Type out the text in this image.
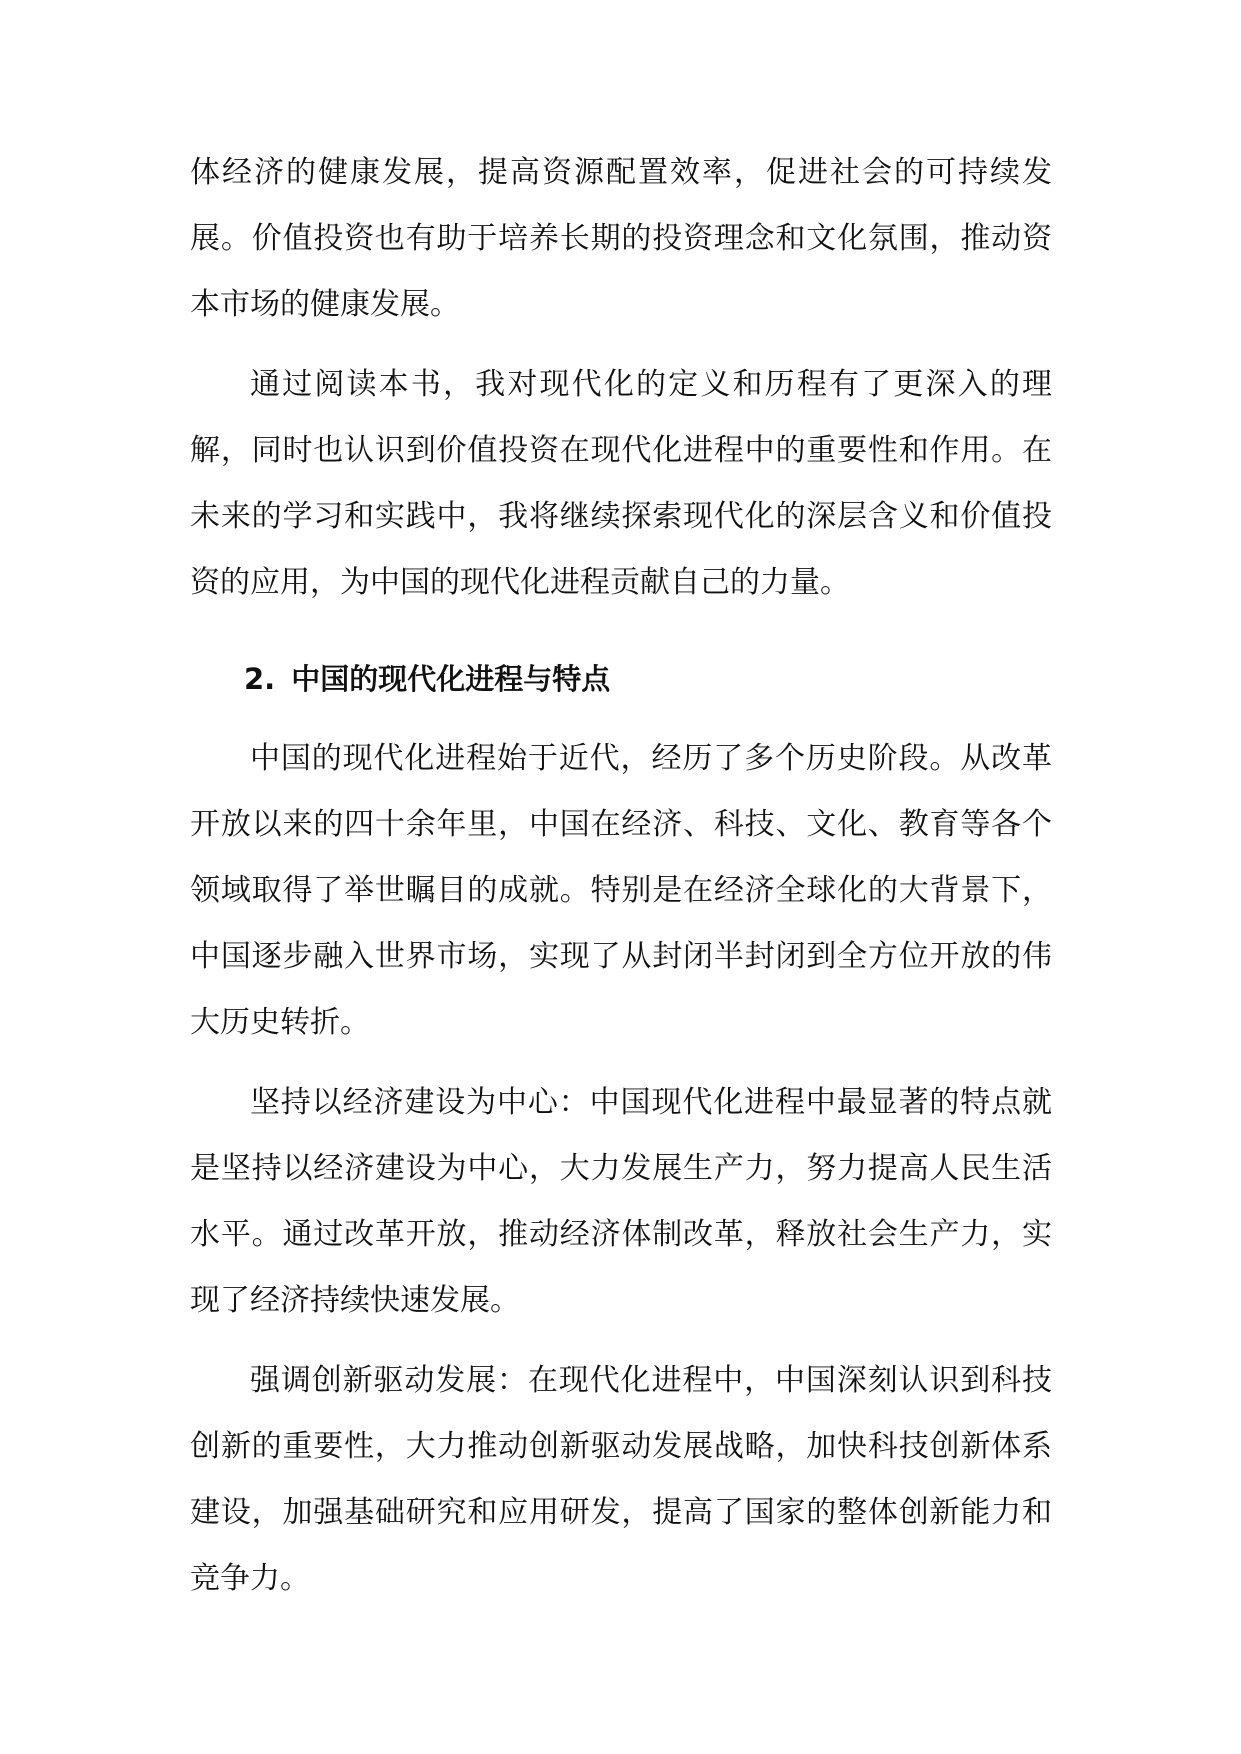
体经济的健康发展，提高资源配置效率，促进社会的可持续发展。价值投资也有助于培养长期的投资理念和文化氛围，推动资本市场的健康发展。

通过阅读本书，我对现代化的定义和历程有了更深入的理解，同时也认识到价值投资在现代化进程中的重要性和作用。在未来的学习和实践中，我将继续探索现代化的深层含义和价值投资的应用，为中国的现代化进程贡献自己的力量。

2. 中国的现代化进程与特点

中国的现代化进程始于近代，经历了多个历史阶段。从改革开放以来的四十余年里，中国在经济、科技、文化、教育等各个领域取得了举世瞩目的成就。特别是在经济全球化的大背景下，中国逐步融入世界市场，实现了从封闭半封闭到全方位开放的伟大历史转折。

坚持以经济建设为中心：中国现代化进程中最显著的特点就是坚持以经济建设为中心，大力发展生产力，努力提高人民生活水平。通过改革开放，推动经济体制改革，释放社会生产力，实现了经济持续快速发展。

强调创新驱动发展：在现代化进程中，中国深刻认识到科技创新的重要性，大力推动创新驱动发展战略，加快科技创新体系建设，加强基础研究和应用研发，提高了国家的整体创新能力和竞争力。
